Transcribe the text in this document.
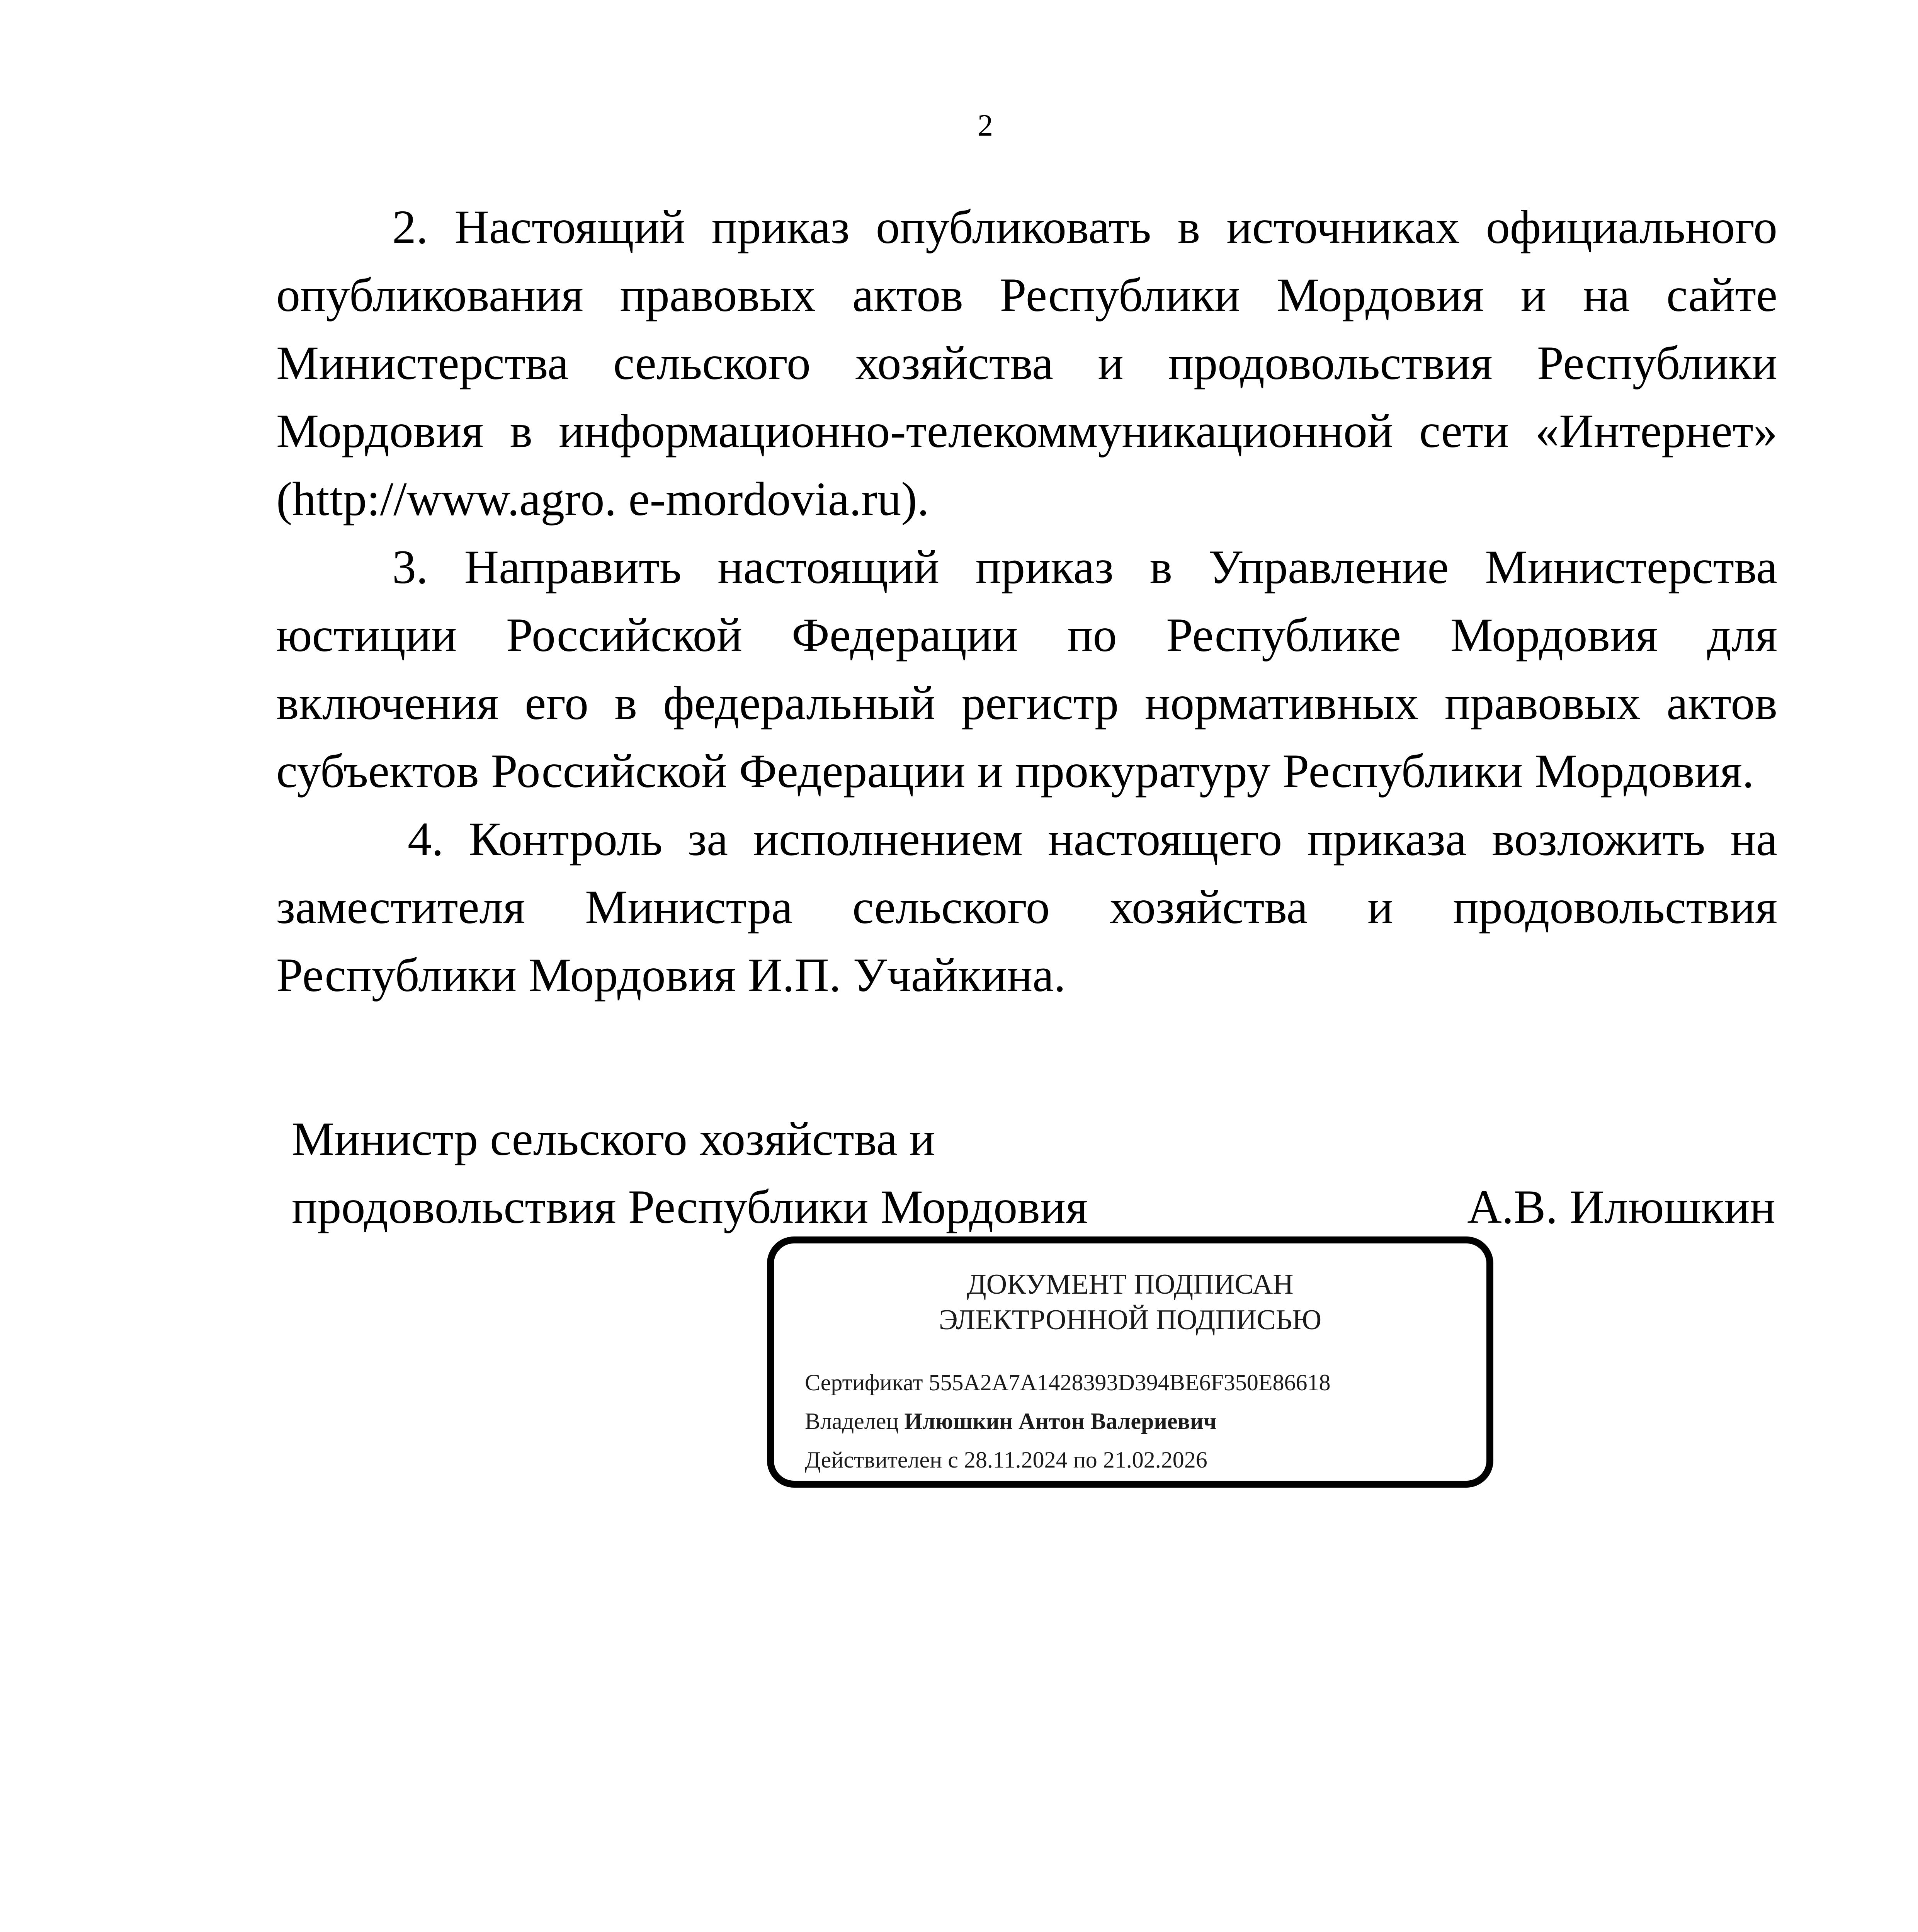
2

2. Настоящий приказ опубликовать в источниках официального опубликования правовых актов Республики Мордовия и на сайте Министерства сельского хозяйства и продовольствия Республики Мордовия в информационно-телекоммуникационной сети «Интернет» (http://www.agro. e-mordovia.ru).

3. Направить настоящий приказ в Управление Министерства юстиции Российской Федерации по Республике Мордовия для включения его в федеральный регистр нормативных правовых актов субъектов Российской Федерации и прокуратуру Республики Мордовия.

4. Контроль за исполнением настоящего приказа возложить на заместителя Министра сельского хозяйства и продовольствия Республики Мордовия И.П. Учайкина.

Министр сельского хозяйства и
продовольствия Республики Мордовия	А.В. Илюшкин
ДОКУМЕНТ ПОДПИСАН
ЭЛЕКТРОННОЙ ПОДПИСЬЮ
Сертификат 555A2A7A1428393D394BE6F350E86618
Владелец Илюшкин Антон Валериевич
Действителен с 28.11.2024 по 21.02.2026
